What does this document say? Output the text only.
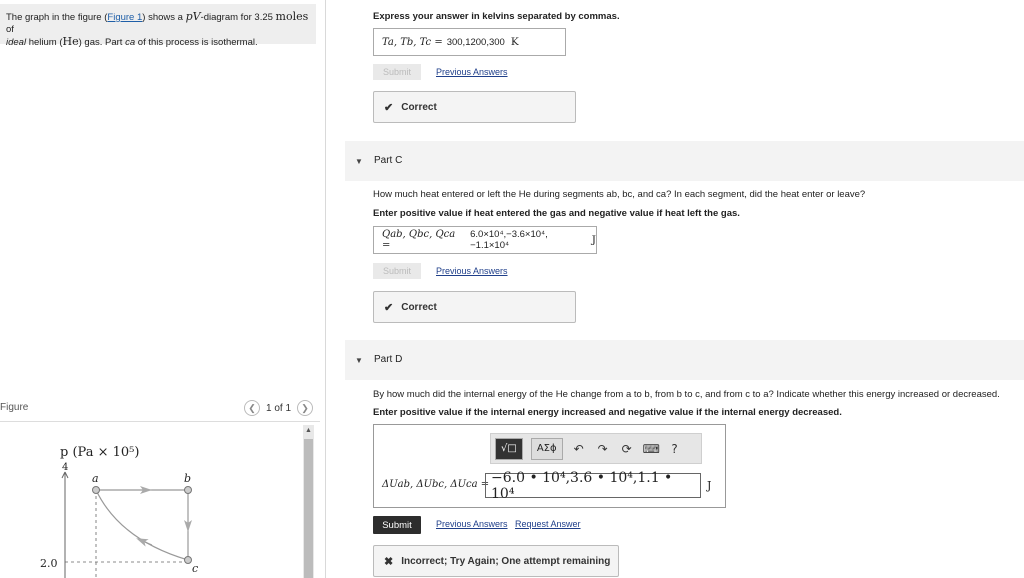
The graph in the figure (Figure 1) shows a pV-diagram for 3.25 moles of
ideal helium (He) gas. Part ca of this process is isothermal.
Figure	❮	1 of 1	❯
▲
p (Pa × 10⁵)
4
a	b
c
2.0
Express your answer in kelvins separated by commas.
Ta, Tb, Tc = 300,1200,300 K
Submit	Previous Answers
✔ Correct
▼ Part C
How much heat entered or left the He during segments ab, bc, and ca? In each segment, did the heat enter or leave?
Enter positive value if heat entered the gas and negative value if heat left the gas.
Qab, Qbc, Qca =
6.0×10⁴,−3.6×10⁴,−1.1×10⁴	J
Submit	Previous Answers
✔ Correct
▼ Part D
By how much did the internal energy of the He change from a to b, from b to c, and from c to a? Indicate whether this energy increased or decreased.
Enter positive value if the internal energy increased and negative value if the internal energy decreased.
√□	AΣϕ	↶ ↷ ⟳ ⌨ ?
ΔUab, ΔUbc, ΔUca = −6.0 • 10⁴,3.6 • 10⁴,1.1 • 10⁴	J
Submit	Previous Answers Request Answer
✖ Incorrect; Try Again; One attempt remaining
